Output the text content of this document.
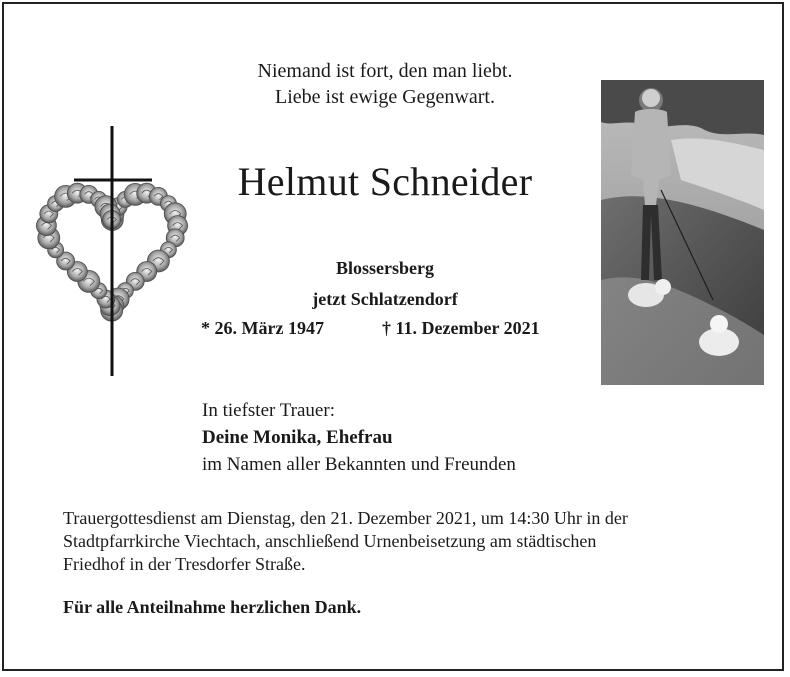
Niemand ist fort, den man liebt.
Liebe ist ewige Gegenwart.
Helmut Schneider
Blossersberg
jetzt Schlatzendorf
* 26. März 1947	† 11. Dezember 2021
In tiefster Trauer:
Deine Monika, Ehefrau
im Namen aller Bekannten und Freunden
Trauergottesdienst am Dienstag, den 21. Dezember 2021, um 14:30 Uhr in der
Stadtpfarrkirche Viechtach, anschließend Urnenbeisetzung am städtischen
Friedhof in der Tresdorfer Straße.
Für alle Anteilnahme herzlichen Dank.
